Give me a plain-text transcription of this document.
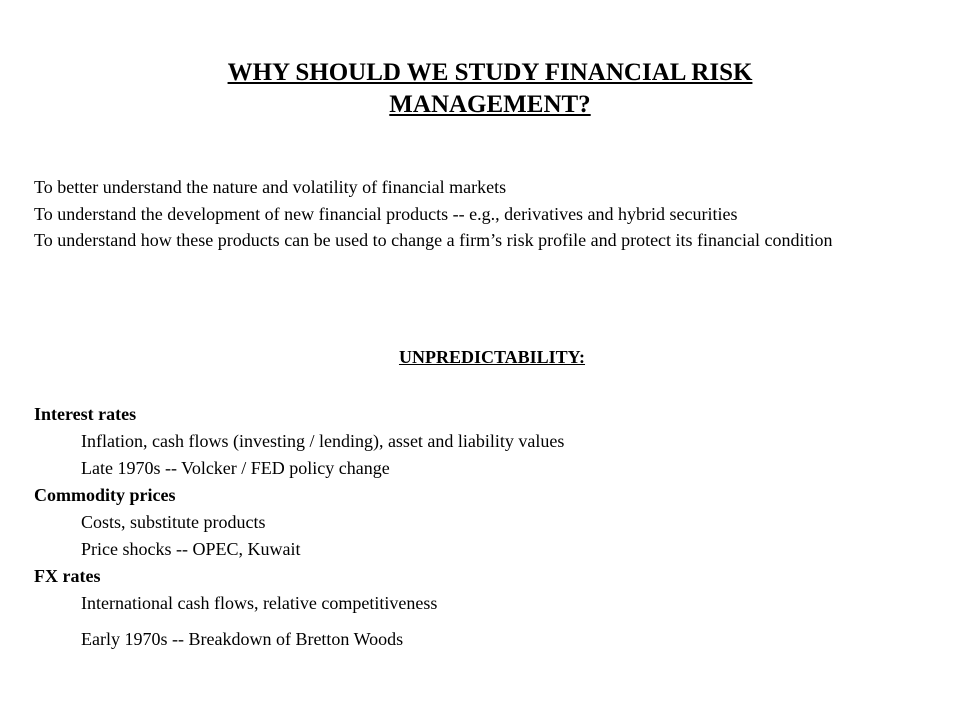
WHY SHOULD WE STUDY FINANCIAL RISK
MANAGEMENT?
To better understand the nature and volatility of financial markets
To understand the development of new financial products -- e.g., derivatives and hybrid securities
To understand how these products can be used to change a firm’s risk profile and protect its financial condition
UNPREDICTABILITY:
Interest rates
Inflation, cash flows (investing / lending), asset and liability values
Late 1970s -- Volcker / FED policy change
Commodity prices
Costs, substitute products
Price shocks -- OPEC, Kuwait
FX rates
International cash flows, relative competitiveness
Early 1970s -- Breakdown of Bretton Woods
